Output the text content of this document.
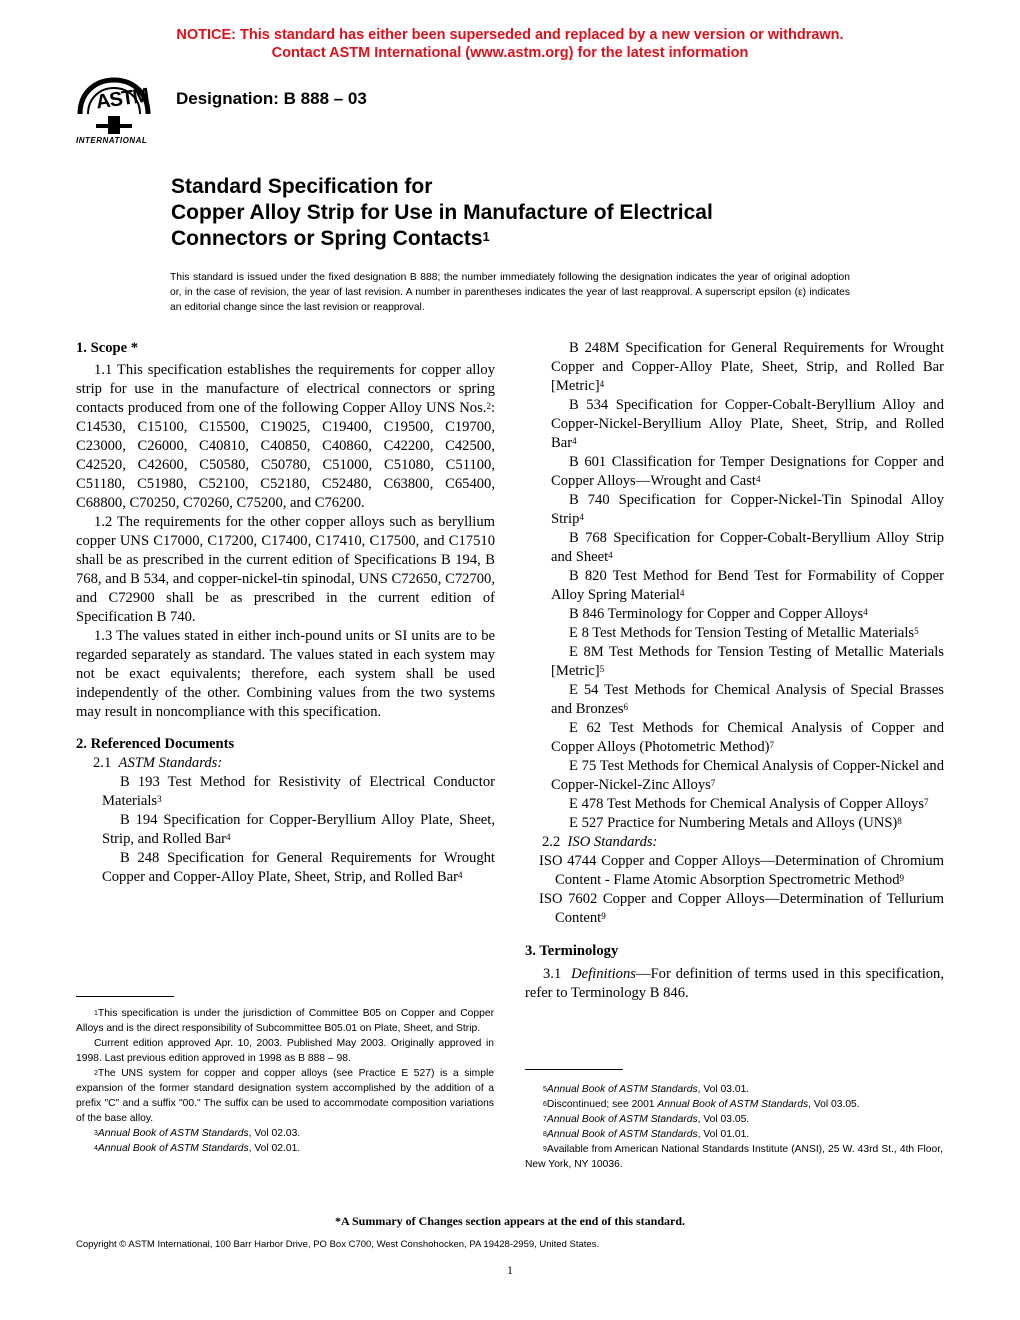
NOTICE: This standard has either been superseded and replaced by a new version or withdrawn.
Contact ASTM International (www.astm.org) for the latest information
ASTM
INTERNATIONAL
Designation: B 888 – 03
Standard Specification for
Copper Alloy Strip for Use in Manufacture of Electrical
Connectors or Spring Contacts$^1$
This standard is issued under the fixed designation B 888; the number immediately following the designation indicates the year of original adoption or, in the case of revision, the year of last revision. A number in parentheses indicates the year of last reapproval. A superscript epsilon (ε) indicates an editorial change since the last revision or reapproval.
1. Scope *

1.1 This specification establishes the requirements for copper alloy strip for use in the manufacture of electrical connectors or spring contacts produced from one of the following Copper Alloy UNS Nos.$^2$: C14530, C15100, C15500, C19025, C19400, C19500, C19700, C23000, C26000, C40810, C40850, C40860, C42200, C42500, C42520, C42600, C50580, C50780, C51000, C51080, C51100, C51180, C51980, C52100, C52180, C52480, C63800, C65400, C68800, C70250, C70260, C75200, and C76200.

1.2 The requirements for the other copper alloys such as beryllium copper UNS C17000, C17200, C17400, C17410, C17500, and C17510 shall be as prescribed in the current edition of Specifications B 194, B 768, and B 534, and copper-nickel-tin spinodal, UNS C72650, C72700, and C72900 shall be as prescribed in the current edition of Specification B 740.

1.3 The values stated in either inch-pound units or SI units are to be regarded separately as standard. The values stated in each system may not be exact equivalents; therefore, each system shall be used independently of the other. Combining values from the two systems may result in noncompliance with this specification.

2. Referenced Documents
2.1 ASTM Standards:

B 193 Test Method for Resistivity of Electrical Conductor Materials$^3$

B 194 Specification for Copper-Beryllium Alloy Plate, Sheet, Strip, and Rolled Bar$^4$

B 248 Specification for General Requirements for Wrought Copper and Copper-Alloy Plate, Sheet, Strip, and Rolled Bar$^4$

B 248M Specification for General Requirements for Wrought Copper and Copper-Alloy Plate, Sheet, Strip, and Rolled Bar [Metric]$^4$

B 534 Specification for Copper-Cobalt-Beryllium Alloy and Copper-Nickel-Beryllium Alloy Plate, Sheet, Strip, and Rolled Bar$^4$

B 601 Classification for Temper Designations for Copper and Copper Alloys—Wrought and Cast$^4$

B 740 Specification for Copper-Nickel-Tin Spinodal Alloy Strip$^4$

B 768 Specification for Copper-Cobalt-Beryllium Alloy Strip and Sheet$^4$

B 820 Test Method for Bend Test for Formability of Copper Alloy Spring Material$^4$

B 846 Terminology for Copper and Copper Alloys$^4$

E 8 Test Methods for Tension Testing of Metallic Materials$^5$

E 8M Test Methods for Tension Testing of Metallic Materials [Metric]$^5$

E 54 Test Methods for Chemical Analysis of Special Brasses and Bronzes$^6$

E 62 Test Methods for Chemical Analysis of Copper and Copper Alloys (Photometric Method)$^7$

E 75 Test Methods for Chemical Analysis of Copper-Nickel and Copper-Nickel-Zinc Alloys$^7$

E 478 Test Methods for Chemical Analysis of Copper Alloys$^7$

E 527 Practice for Numbering Metals and Alloys (UNS)$^8$

2.2 ISO Standards:

ISO 4744 Copper and Copper Alloys—Determination of Chromium Content - Flame Atomic Absorption Spectrometric Method$^9$

ISO 7602 Copper and Copper Alloys—Determination of Tellurium Content$^9$

3. Terminology

3.1 Definitions—For definition of terms used in this specification, refer to Terminology B 846.

$^1$This specification is under the jurisdiction of Committee B05 on Copper and Copper Alloys and is the direct responsibility of Subcommittee B05.01 on Plate, Sheet, and Strip.

Current edition approved Apr. 10, 2003. Published May 2003. Originally approved in 1998. Last previous edition approved in 1998 as B 888 – 98.

$^2$The UNS system for copper and copper alloys (see Practice E 527) is a simple expansion of the former standard designation system accomplished by the addition of a prefix "C" and a suffix "00." The suffix can be used to accommodate composition variations of the base alloy.

$^3$Annual Book of ASTM Standards, Vol 02.03.

$^4$Annual Book of ASTM Standards, Vol 02.01.

$^5$Annual Book of ASTM Standards, Vol 03.01.

$^6$Discontinued; see 2001 Annual Book of ASTM Standards, Vol 03.05.

$^7$Annual Book of ASTM Standards, Vol 03.05.

$^8$Annual Book of ASTM Standards, Vol 01.01.

$^9$Available from American National Standards Institute (ANSI), 25 W. 43rd St., 4th Floor, New York, NY 10036.

*A Summary of Changes section appears at the end of this standard.
Copyright © ASTM International, 100 Barr Harbor Drive, PO Box C700, West Conshohocken, PA 19428-2959, United States.
1
